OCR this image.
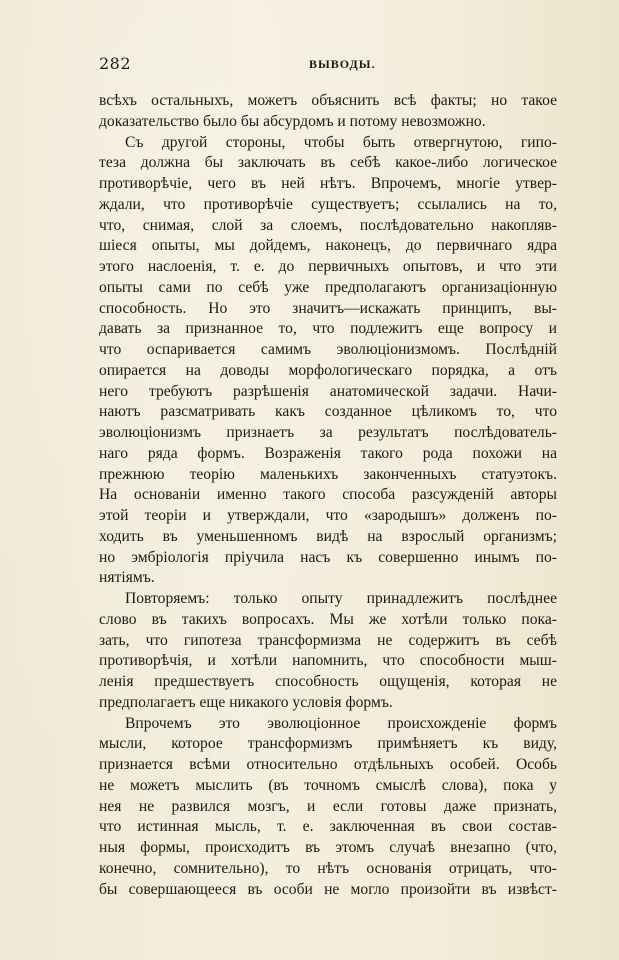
282	ВЫВОДЫ.
всѣхъ остальныхъ, можетъ объяснить всѣ факты; но такое
доказательство было бы абсурдомъ и потому невозможно.
Съ другой стороны, чтобы быть отвергнутою, гипо-
теза должна бы заключать въ себѣ какое-либо логическое
противорѣчіе, чего въ ней нѣтъ. Впрочемъ, многіе утвер-
ждали, что противорѣчіе существуетъ; ссылались на то,
что, снимая, слой за слоемъ, послѣдовательно накопляв-
шіеся опыты, мы дойдемъ, наконецъ, до первичнаго ядра
этого наслоенія, т. е. до первичныхъ опытовъ, и что эти
опыты сами по себѣ уже предполагаютъ организаціонную
способность. Но это значитъ—искажать принципъ, вы-
давать за признанное то, что подлежитъ еще вопросу и
что оспаривается самимъ эволюціонизмомъ. Послѣдній
опирается на доводы морфологическаго порядка, а отъ
него требуютъ разрѣшенія анатомической задачи. Начи-
наютъ разсматривать какъ созданное цѣликомъ то, что
эволюціонизмъ признаетъ за результатъ послѣдователь-
наго ряда формъ. Возраженія такого рода похожи на
прежнюю теорію маленькихъ законченныхъ статуэтокъ.
На основаніи именно такого способа разсужденій авторы
этой теоріи и утверждали, что «зародышъ» долженъ по-
ходить въ уменьшенномъ видѣ на взрослый организмъ;
но эмбріологія пріучила насъ къ совершенно инымъ по-
нятіямъ.
Повторяемъ: только опыту принадлежитъ послѣднее
слово въ такихъ вопросахъ. Мы же хотѣли только пока-
зать, что гипотеза трансформизма не содержитъ въ себѣ
противорѣчія, и хотѣли напомнить, что способности мыш-
ленія предшествуетъ способность ощущенія, которая не
предполагаетъ еще никакого условія формъ.
Впрочемъ это эволюціонное происхожденіе формъ
мысли, которое трансформизмъ примѣняетъ къ виду,
признается всѣми относительно отдѣльныхъ особей. Особь
не можетъ мыслить (въ точномъ смыслѣ слова), пока у
нея не развился мозгъ, и если готовы даже признать,
что истинная мысль, т. е. заключенная въ свои состав-
ныя формы, происходитъ въ этомъ случаѣ внезапно (что,
конечно, сомнительно), то нѣтъ основанія отрицать, что-
бы совершающееся въ особи не могло произойти въ извѣст-
